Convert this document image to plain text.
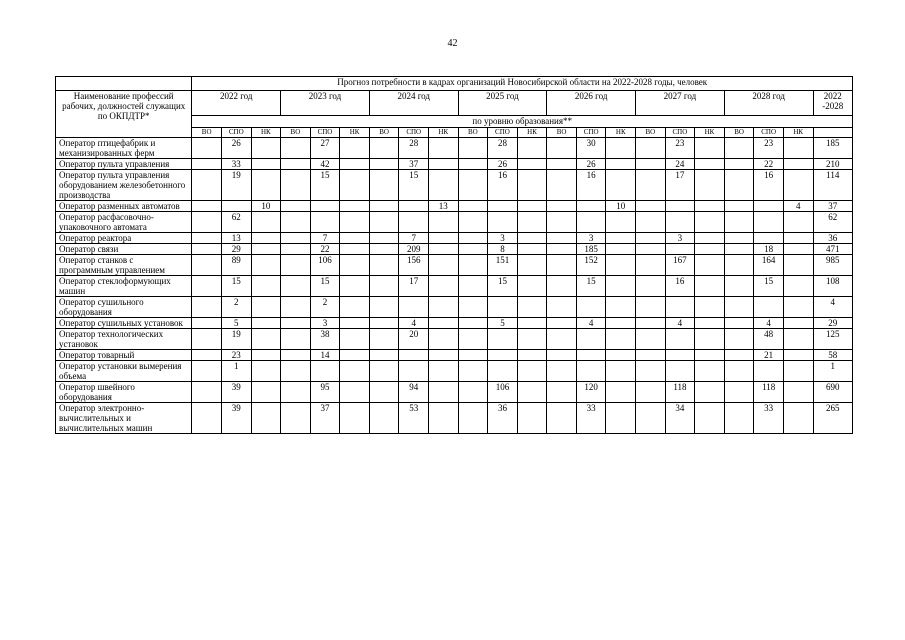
42
	Прогноз потребности в кадрах организаций Новосибирской области на 2022-2028 годы, человек																					
Наименование профессий рабочих, должностей служащих по ОКПДТР*	2022 год			2023 год			2024 год			2025 год			2026 год			2027 год			2028 год			2022 -2028
	по уровню образования**																					
	ВО	СПО	НК	ВО	СПО	НК	ВО	СПО	НК	ВО	СПО	НК	ВО	СПО	НК	ВО	СПО	НК	ВО	СПО	НК	
Оператор птицефабрик и механизированных ферм		26			27			28			28			30			23			23		185
Оператор пульта управления		33			42			37			26			26			24			22		210
Оператор пульта управления оборудованием железобетонного производства		19			15			15			16			16			17			16		114
Оператор разменных автоматов			10						13						10						4	37
Оператор расфасовочно-упаковочного автомата		62																				62
Оператор реактора		13			7			7			3			3			3					36
Оператор связи		29			22			209			8			185						18		471
Оператор станков с программным управлением		89			106			156			151			152			167			164		985
Оператор стеклоформующих машин		15			15			17			15			15			16			15		108
Оператор сушильного оборудования		2			2																	4
Оператор сушильных установок		5			3			4			5			4			4			4		29
Оператор технологических установок		19			38			20												48		125
Оператор товарный		23			14															21		58
Оператор установки вымерения объема		1																				1
Оператор швейного оборудования		39			95			94			106			120			118			118		690
Оператор электронно-вычислительных и вычислительных машин		39			37			53			36			33			34			33		265
